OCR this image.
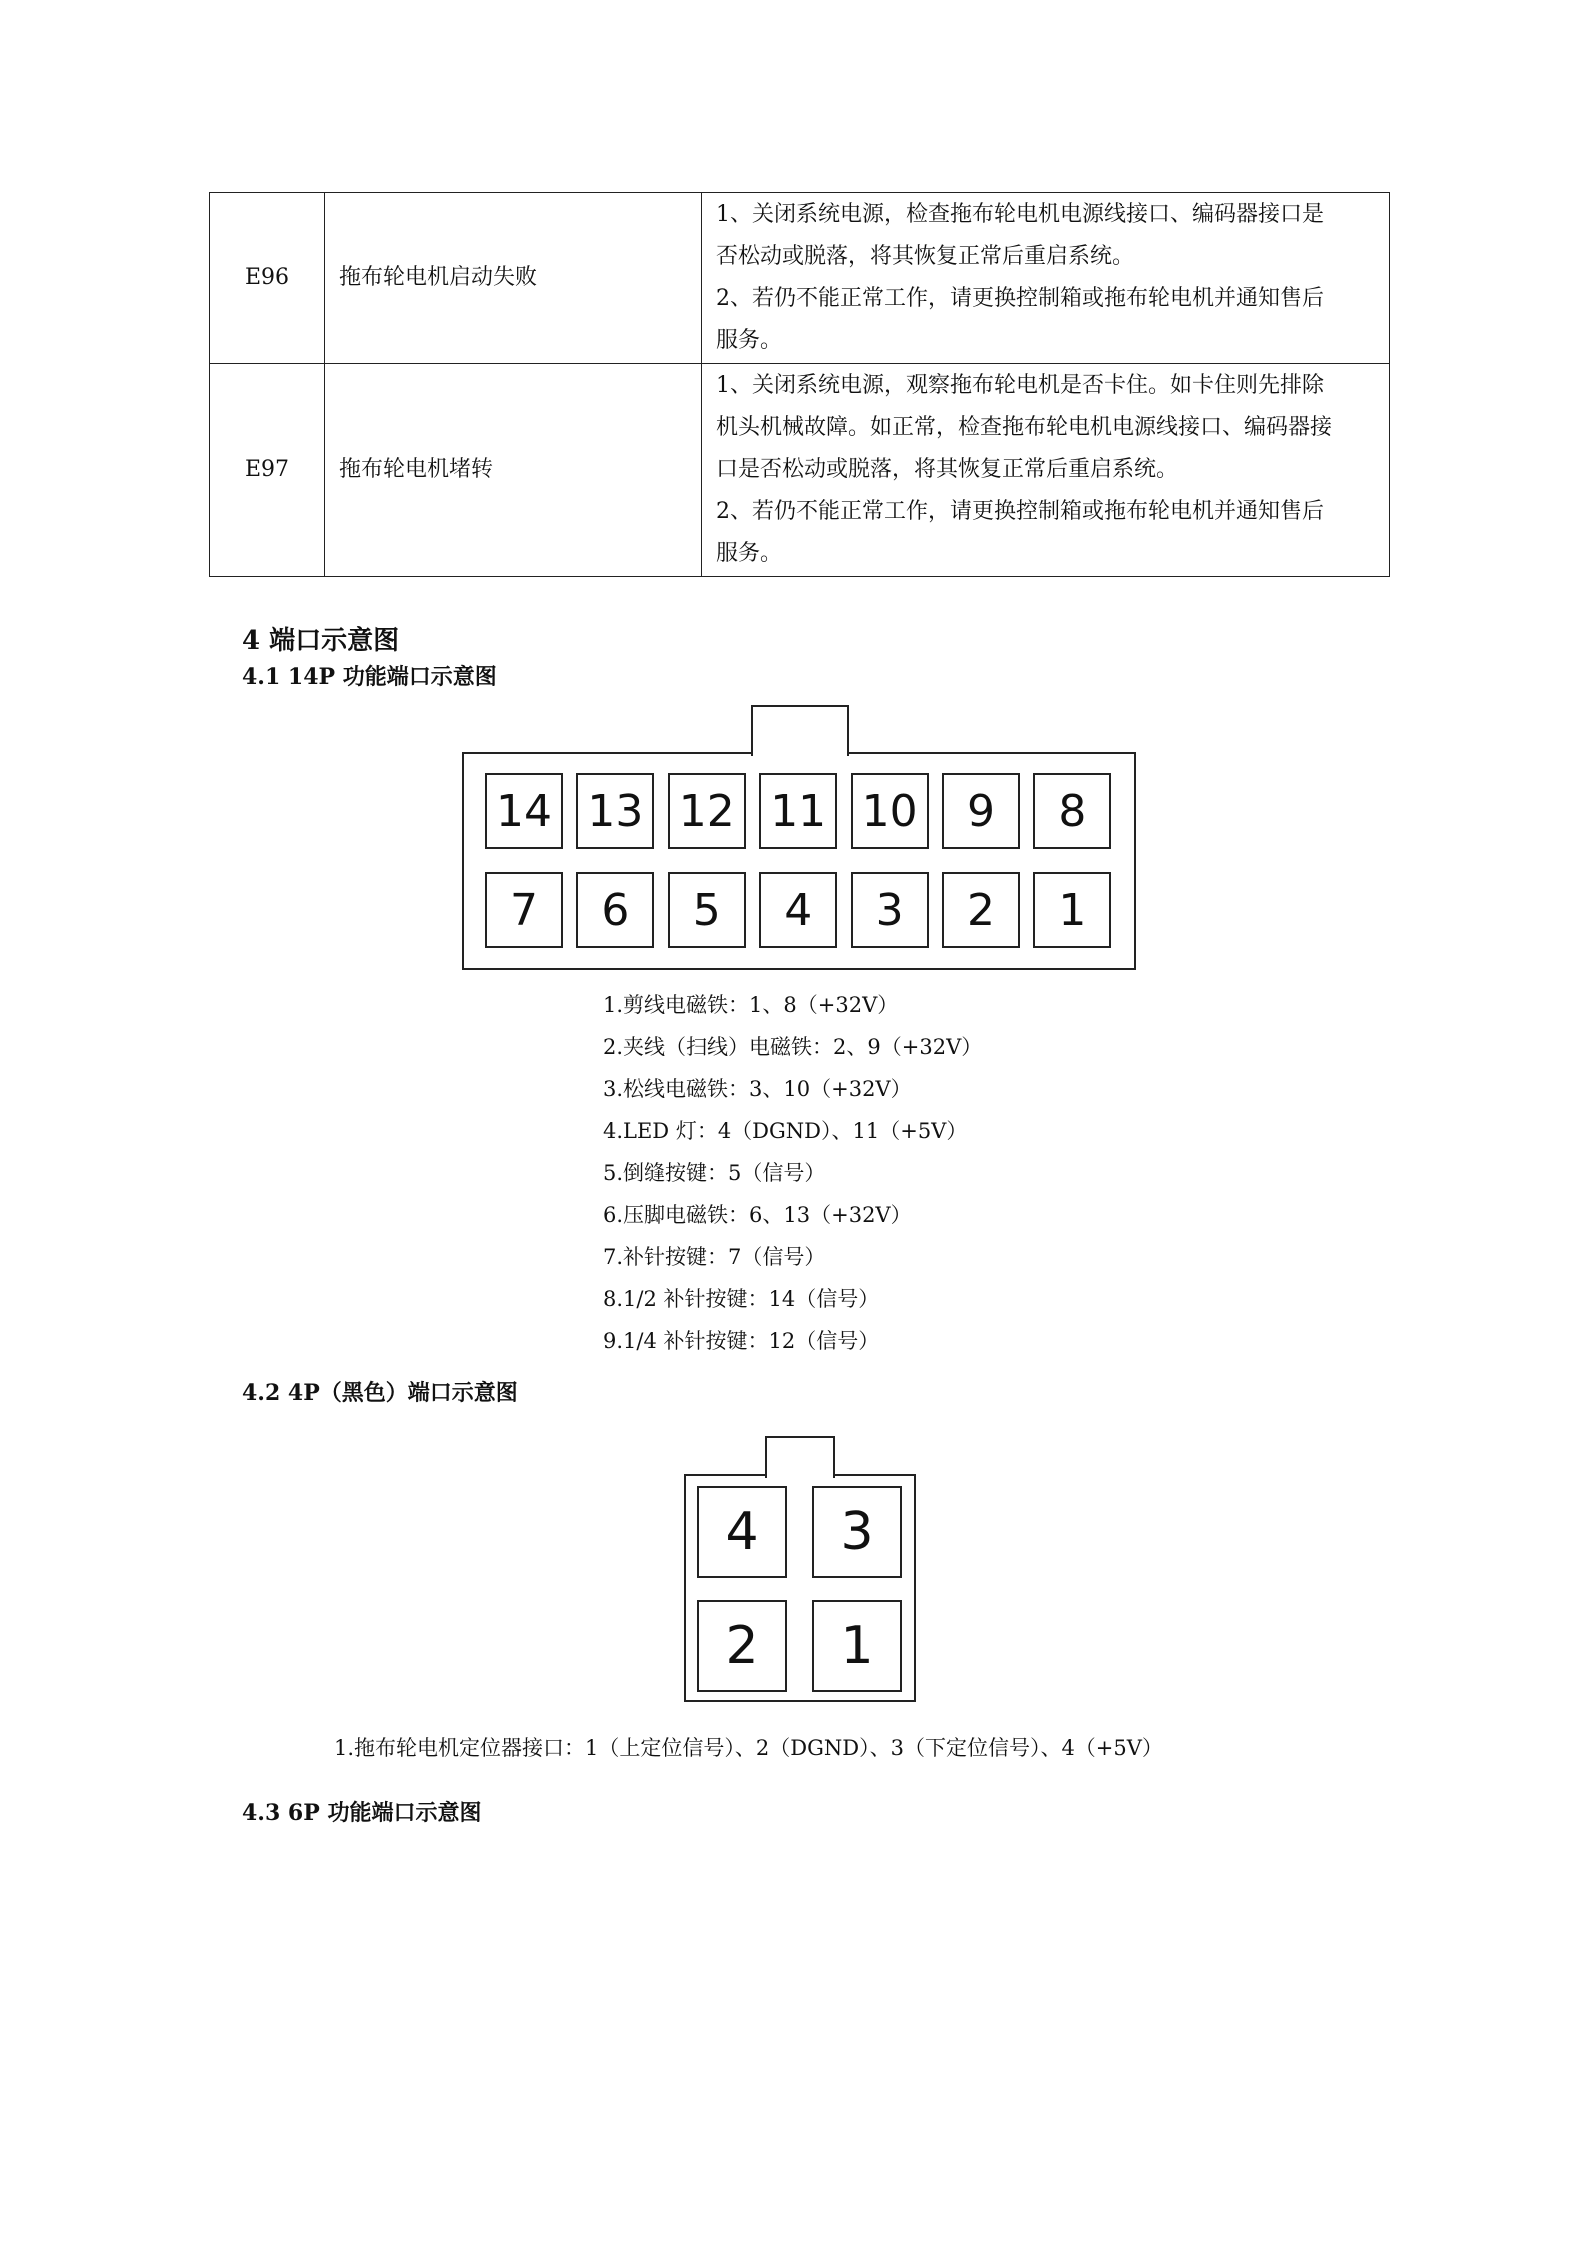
E96	拖布轮电机启动失败	1、关闭系统电源，检查拖布轮电机电源线接口、编码器接口是
否松动或脱落，将其恢复正常后重启系统。
2、若仍不能正常工作，请更换控制箱或拖布轮电机并通知售后
服务。

E97	拖布轮电机堵转	1、关闭系统电源，观察拖布轮电机是否卡住。如卡住则先排除
机头机械故障。如正常，检查拖布轮电机电源线接口、编码器接
口是否松动或脱落，将其恢复正常后重启系统。
2、若仍不能正常工作，请更换控制箱或拖布轮电机并通知售后
服务。
4 端口示意图
4.1 14P 功能端口示意图
14 13 12 11 10	9	8
7	6	5	4	3	2	1
1.剪线电磁铁：1、8（+32V）
2.夹线（扫线）电磁铁：2、9（+32V）
3.松线电磁铁：3、10（+32V）
4.LED 灯：4（DGND）、11（+5V）
5.倒缝按键：5（信号）
6.压脚电磁铁：6、13（+32V）
7.补针按键：7（信号）
8.1/2 补针按键：14（信号）
9.1/4 补针按键：12（信号）
4.2 4P（黑色）端口示意图
4	3
2	1
1.拖布轮电机定位器接口：1（上定位信号）、2（DGND）、3（下定位信号）、4（+5V）
4.3 6P 功能端口示意图
